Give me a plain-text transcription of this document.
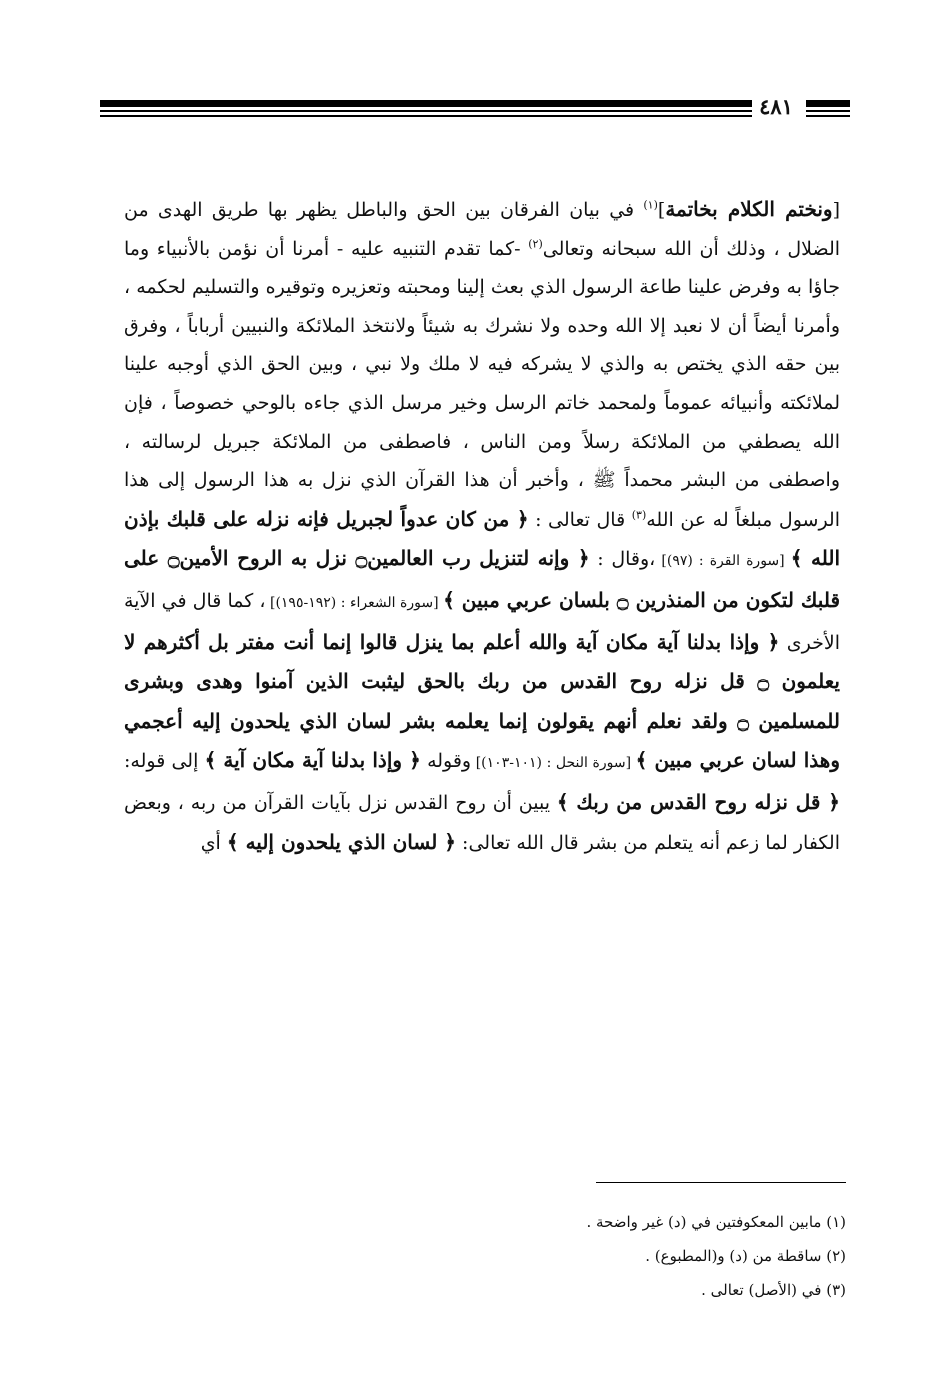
٤٨١

[ونختم الكلام بخاتمة]$^{(١)}$ في بيان الفرقان بين الحق والباطل يظهر بها طريق الهدى من الضلال ، وذلك أن الله سبحانه وتعالى$^{(٢)}$ -كما تقدم التنبيه عليه - أمرنا أن نؤمن بالأنبياء وما جاؤا به وفرض علينا طاعة الرسول الذي بعث إلينا ومحبته وتعزيره وتوقيره والتسليم لحكمه ، وأمرنا أيضاً أن لا نعبد إلا الله وحده ولا نشرك به شيئاً ولانتخذ الملائكة والنبيين أرباباً ، وفرق بين حقه الذي يختص به والذي لا يشركه فيه لا ملك ولا نبي ، وبين الحق الذي أوجبه علينا لملائكته وأنبيائه عموماً ولمحمد خاتم الرسل وخير مرسل الذي جاءه بالوحي خصوصاً ، فإن الله يصطفي من الملائكة رسلاً ومن الناس ، فاصطفى من الملائكة جبريل لرسالته ، واصطفى من البشر محمداً ﷺ ، وأخبر أن هذا القرآن الذي نزل به هذا الرسول إلى هذا الرسول مبلغاً له عن الله$^{(٣)}$ قال تعالى : ﴿ من كان عدواً لجبريل فإنه نزله على قلبك بإذن الله ﴾ [سورة القرة : (٩٧)] ،وقال : ﴿ وإنه لتنزيل رب العالمين۝ نزل به الروح الأمين۝ على قلبك لتكون من المنذرين ۝ بلسان عربي مبين ﴾ [سورة الشعراء : (١٩٢-١٩٥)] ، كما قال في الآية الأخرى ﴿ وإذا بدلنا آية مكان آية والله أعلم بما ينزل قالوا إنما أنت مفتر بل أكثرهم لا يعلمون ۝ قل نزله روح القدس من ربك بالحق ليثبت الذين آمنوا وهدى وبشرى للمسلمين ۝ ولقد نعلم أنهم يقولون إنما يعلمه بشر لسان الذي يلحدون إليه أعجمي وهذا لسان عربي مبين ﴾ [سورة النحل : (١٠١-١٠٣)] وقوله ﴿ وإذا بدلنا آية مكان آية ﴾ إلى قوله: ﴿ قل نزله روح القدس من ربك ﴾ يبين أن روح القدس نزل بآيات القرآن من ربه ، وبعض الكفار لما زعم أنه يتعلم من بشر قال الله تعالى: ﴿ لسان الذي يلحدون إليه ﴾ أي

(١) مابين المعكوفتين في (د) غير واضحة .
(٢) ساقطة من (د) و(المطبوع) .
(٣) في (الأصل) تعالى .
